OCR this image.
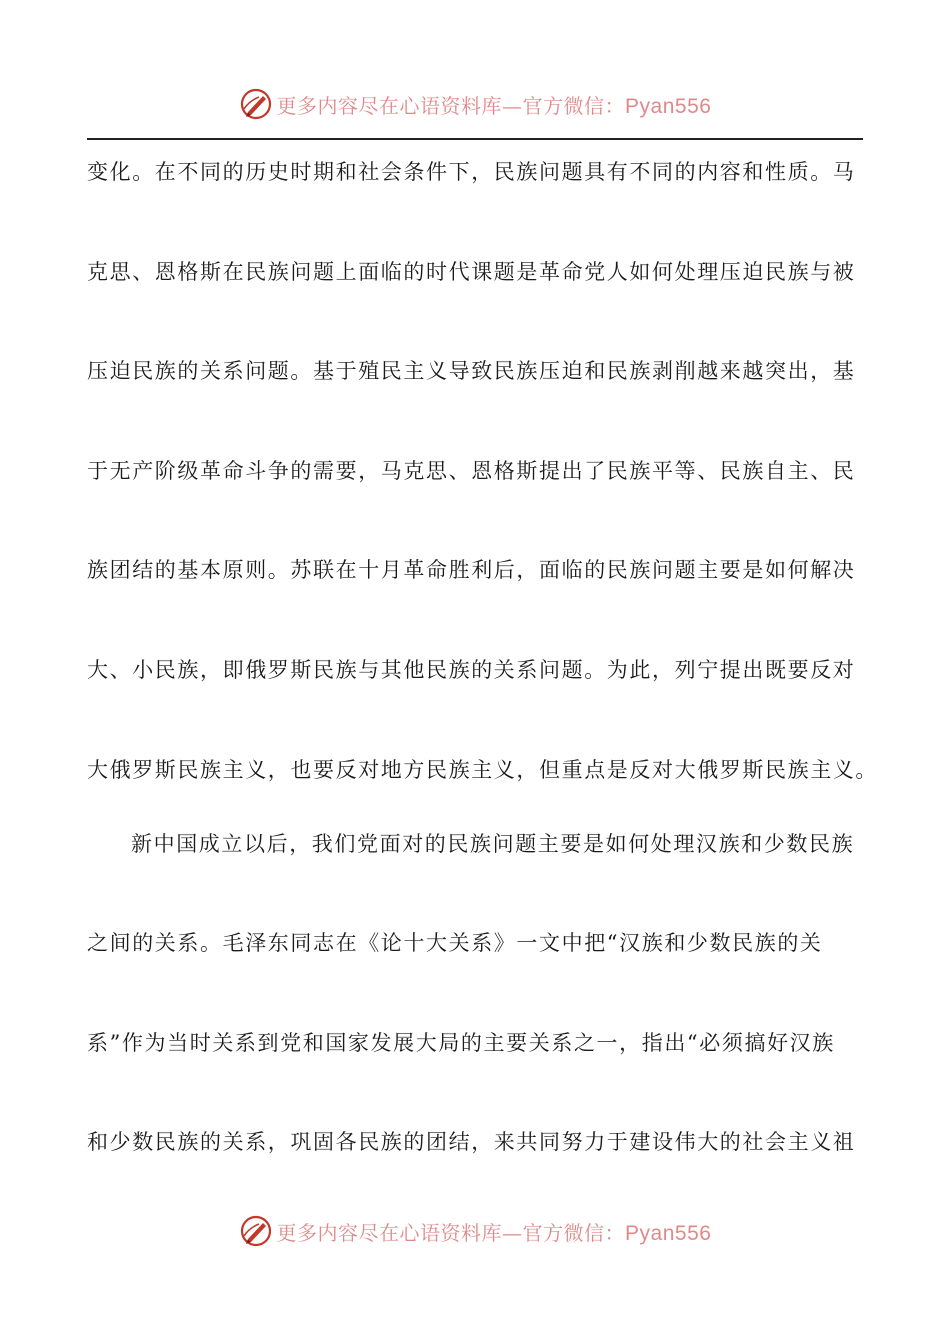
更多内容尽在心语资料库—官方微信：Pyan556
变化。在不同的历史时期和社会条件下，民族问题具有不同的内容和性质。马
克思、恩格斯在民族问题上面临的时代课题是革命党人如何处理压迫民族与被
压迫民族的关系问题。基于殖民主义导致民族压迫和民族剥削越来越突出，基
于无产阶级革命斗争的需要，马克思、恩格斯提出了民族平等、民族自主、民
族团结的基本原则。苏联在十月革命胜利后，面临的民族问题主要是如何解决
大、小民族，即俄罗斯民族与其他民族的关系问题。为此，列宁提出既要反对
大俄罗斯民族主义，也要反对地方民族主义，但重点是反对大俄罗斯民族主义。
新中国成立以后，我们党面对的民族问题主要是如何处理汉族和少数民族
之间的关系。毛泽东同志在《论十大关系》一文中把“汉族和少数民族的关
系”作为当时关系到党和国家发展大局的主要关系之一，指出“必须搞好汉族
和少数民族的关系，巩固各民族的团结，来共同努力于建设伟大的社会主义祖
更多内容尽在心语资料库—官方微信：Pyan556
